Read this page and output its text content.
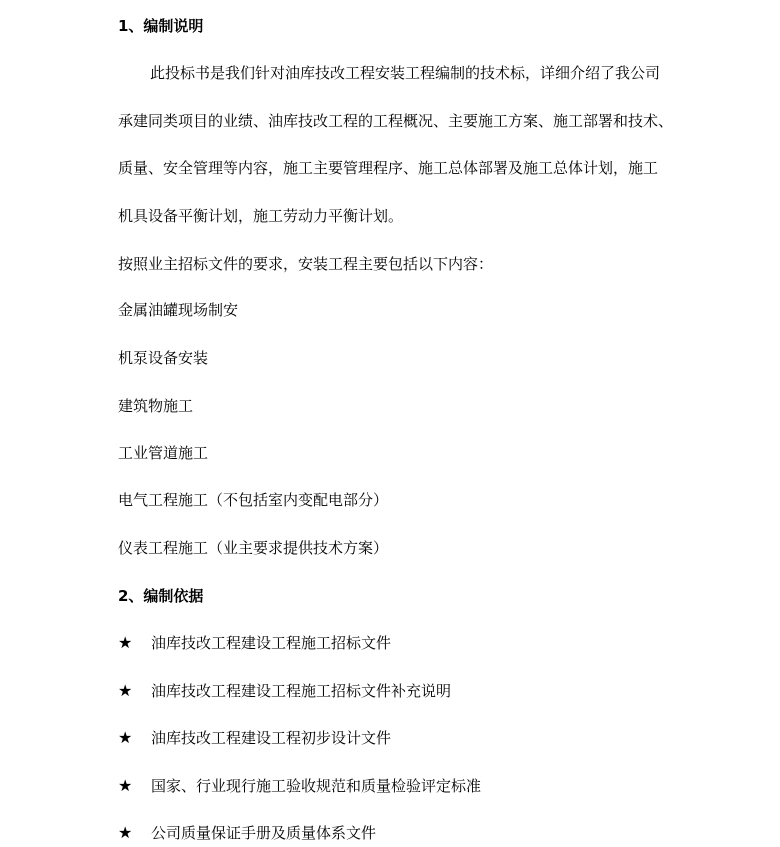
1、编制说明
此投标书是我们针对油库技改工程安装工程编制的技术标，详细介绍了我公司
承建同类项目的业绩、油库技改工程的工程概况、主要施工方案、施工部署和技术、
质量、安全管理等内容，施工主要管理程序、施工总体部署及施工总体计划，施工
机具设备平衡计划，施工劳动力平衡计划。
按照业主招标文件的要求，安装工程主要包括以下内容：
金属油罐现场制安
机泵设备安装
建筑物施工
工业管道施工
电气工程施工（不包括室内变配电部分）
仪表工程施工（业主要求提供技术方案）
2、编制依据
★ 油库技改工程建设工程施工招标文件
★ 油库技改工程建设工程施工招标文件补充说明
★ 油库技改工程建设工程初步设计文件
★ 国家、行业现行施工验收规范和质量检验评定标准
★ 公司质量保证手册及质量体系文件
